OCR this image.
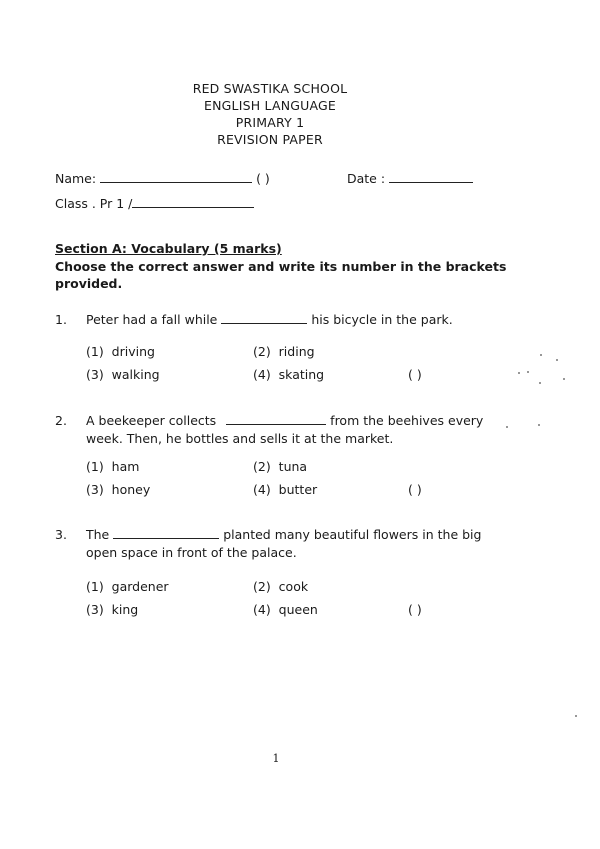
RED SWASTIKA SCHOOL
ENGLISH LANGUAGE
PRIMARY 1
REVISION PAPER
Name:	( )	Date :
Class . Pr 1 /
Section A: Vocabulary (5 marks)
Choose the correct answer and write its number in the brackets
provided.
1. Peter had a fall while	his bicycle in the park.
(1) driving	(2) riding
(3) walking	(4) skating	( )
2. A beekeeper collects	from the beehives every
week. Then, he bottles and sells it at the market.
(1) ham	(2) tuna
(3) honey	(4) butter	( )
3. The	planted many beautiful flowers in the big
open space in front of the palace.
(1) gardener	(2) cook
(3) king	(4) queen	( )
1
